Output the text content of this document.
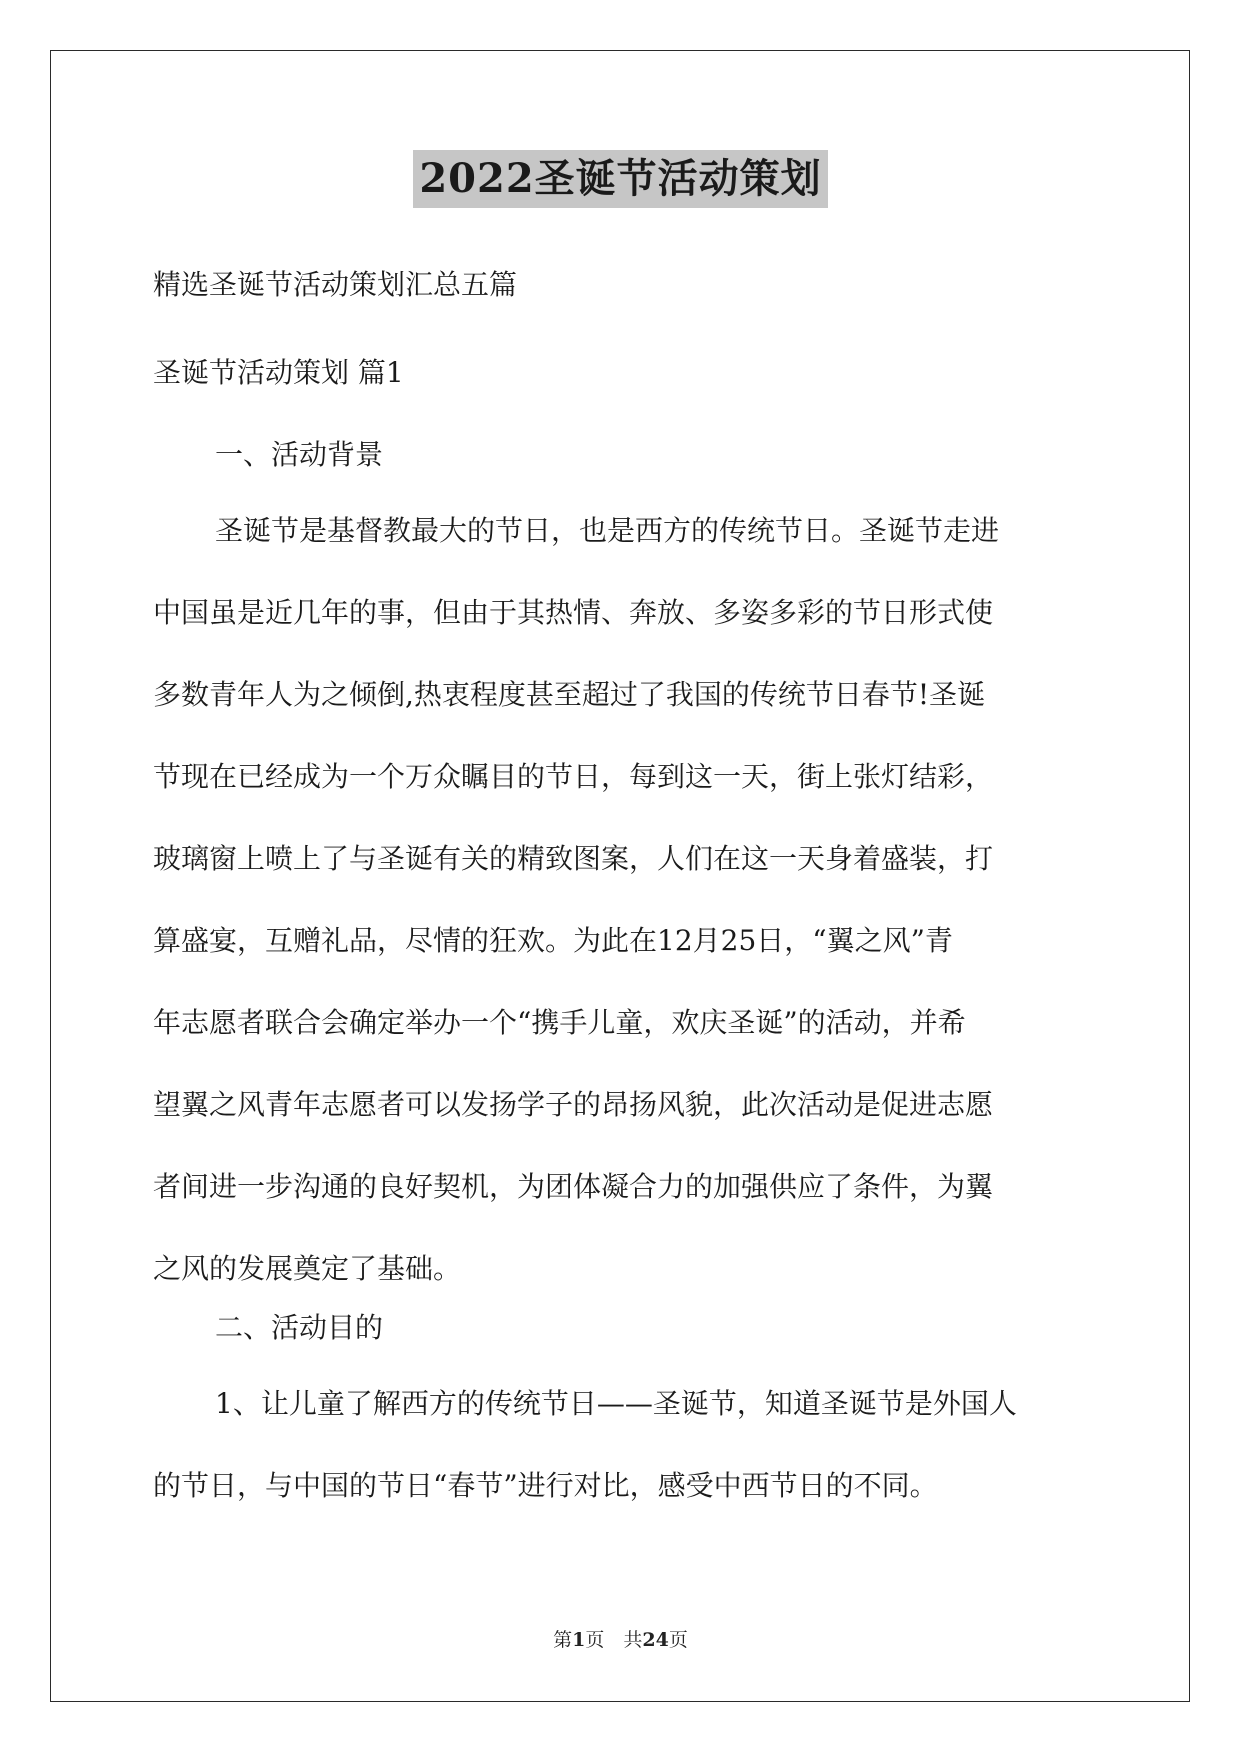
2022圣诞节活动策划
精选圣诞节活动策划汇总五篇
圣诞节活动策划 篇1
一、活动背景
圣诞节是基督教最大的节日，也是西方的传统节日。圣诞节走进
中国虽是近几年的事，但由于其热情、奔放、多姿多彩的节日形式使
多数青年人为之倾倒,热衷程度甚至超过了我国的传统节日春节!圣诞
节现在已经成为一个万众瞩目的节日，每到这一天，街上张灯结彩，
玻璃窗上喷上了与圣诞有关的精致图案，人们在这一天身着盛装，打
算盛宴，互赠礼品，尽情的狂欢。为此在12月25日，“翼之风”青
年志愿者联合会确定举办一个“携手儿童，欢庆圣诞”的活动，并希
望翼之风青年志愿者可以发扬学子的昂扬风貌，此次活动是促进志愿
者间进一步沟通的良好契机，为团体凝合力的加强供应了条件，为翼
之风的发展奠定了基础。
二、活动目的
1、让儿童了解西方的传统节日——圣诞节，知道圣诞节是外国人
的节日，与中国的节日“春节”进行对比，感受中西节日的不同。
第1页　共24页
